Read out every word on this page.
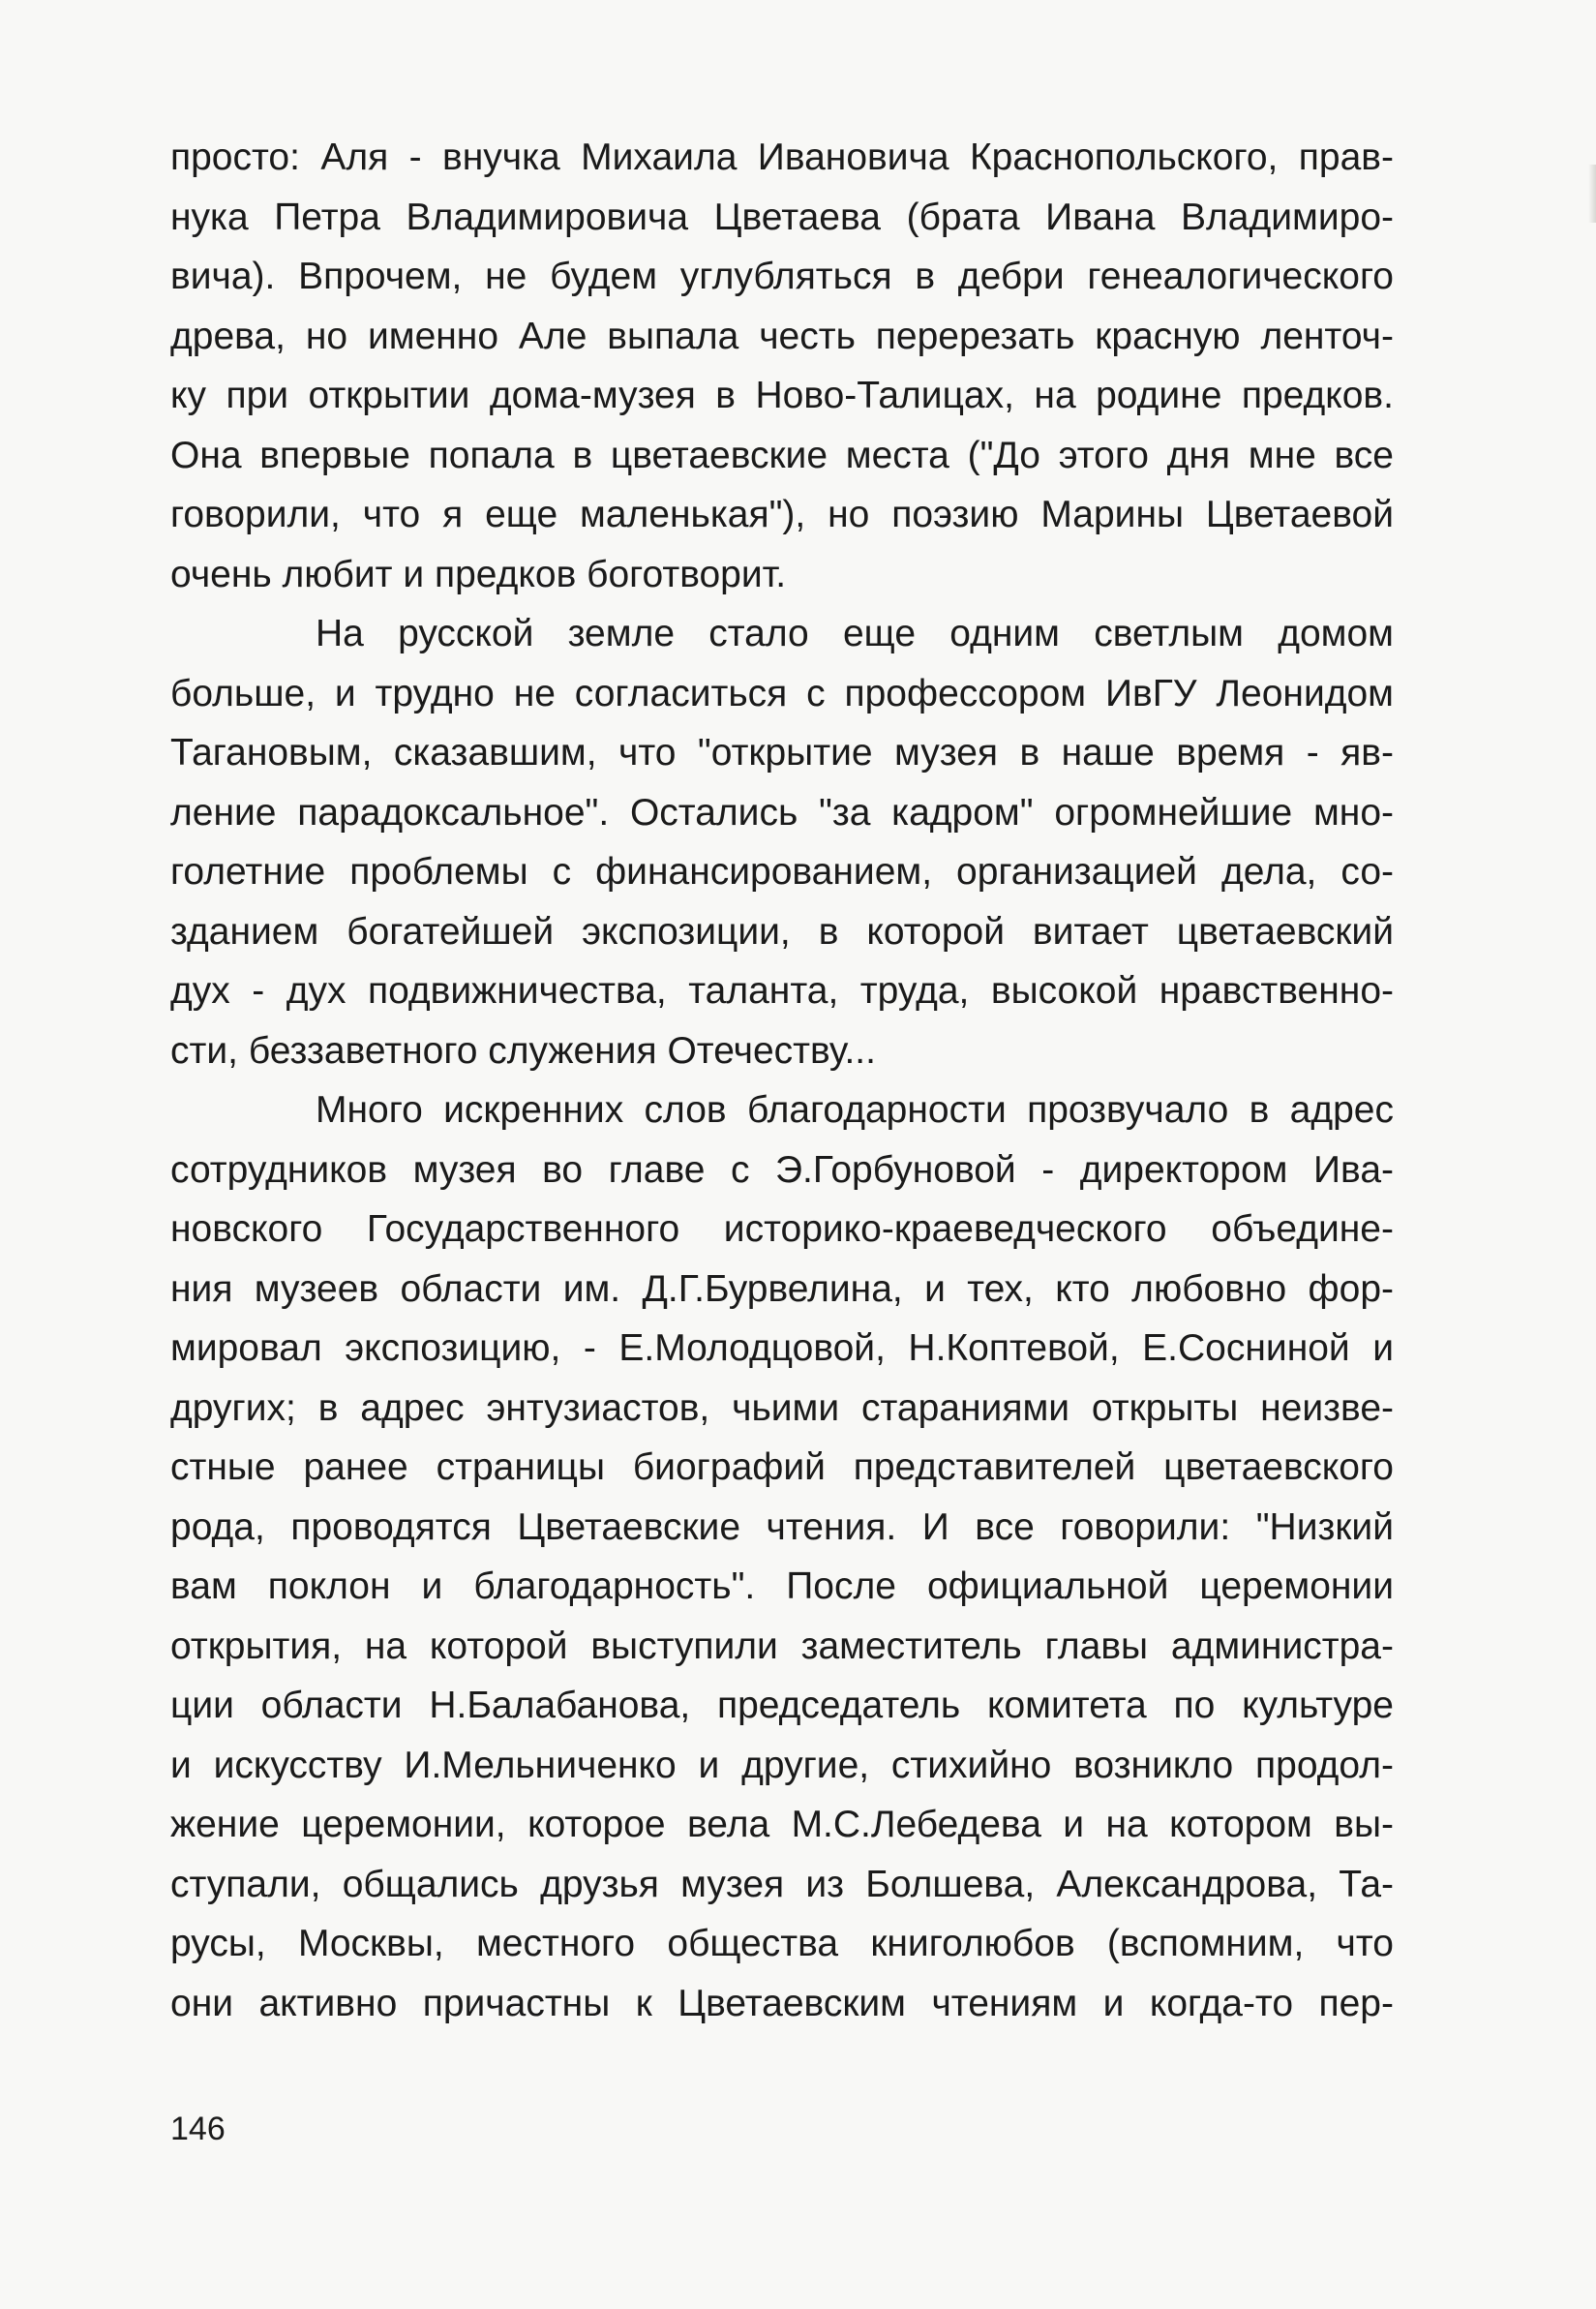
просто: Аля - внучка Михаила Ивановича Краснопольского, прав-
нука Петра Владимировича Цветаева (брата Ивана Владимиро-
вича). Впрочем, не будем углубляться в дебри генеалогического
древа, но именно Але выпала честь перерезать красную ленточ-
ку при открытии дома-музея в Ново-Талицах, на родине предков.
Она впервые попала в цветаевские места ("До этого дня мне все
говорили, что я еще маленькая"), но поэзию Марины Цветаевой
очень любит и предков боготворит.
На русской земле стало еще одним светлым домом
больше, и трудно не согласиться с профессором ИвГУ Леонидом
Тагановым, сказавшим, что "открытие музея в наше время - яв-
ление парадоксальное". Остались "за кадром" огромнейшие мно-
голетние проблемы с финансированием, организацией дела, со-
зданием богатейшей экспозиции, в которой витает цветаевский
дух - дух подвижничества, таланта, труда, высокой нравственно-
сти, беззаветного служения Отечеству...
Много искренних слов благодарности прозвучало в адрес
сотрудников музея во главе с Э.Горбуновой - директором Ива-
новского Государственного историко-краеведческого объедине-
ния музеев области им. Д.Г.Бурвелина, и тех, кто любовно фор-
мировал экспозицию, - Е.Молодцовой, Н.Коптевой, Е.Сосниной и
других; в адрес энтузиастов, чьими стараниями открыты неизве-
стные ранее страницы биографий представителей цветаевского
рода, проводятся Цветаевские чтения. И все говорили: "Низкий
вам поклон и благодарность". После официальной церемонии
открытия, на которой выступили заместитель главы администра-
ции области Н.Балабанова, председатель комитета по культуре
и искусству И.Мельниченко и другие, стихийно возникло продол-
жение церемонии, которое вела М.С.Лебедева и на котором вы-
ступали, общались друзья музея из Болшева, Александрова, Та-
русы, Москвы, местного общества книголюбов (вспомним, что
они активно причастны к Цветаевским чтениям и когда-то пер-
146
